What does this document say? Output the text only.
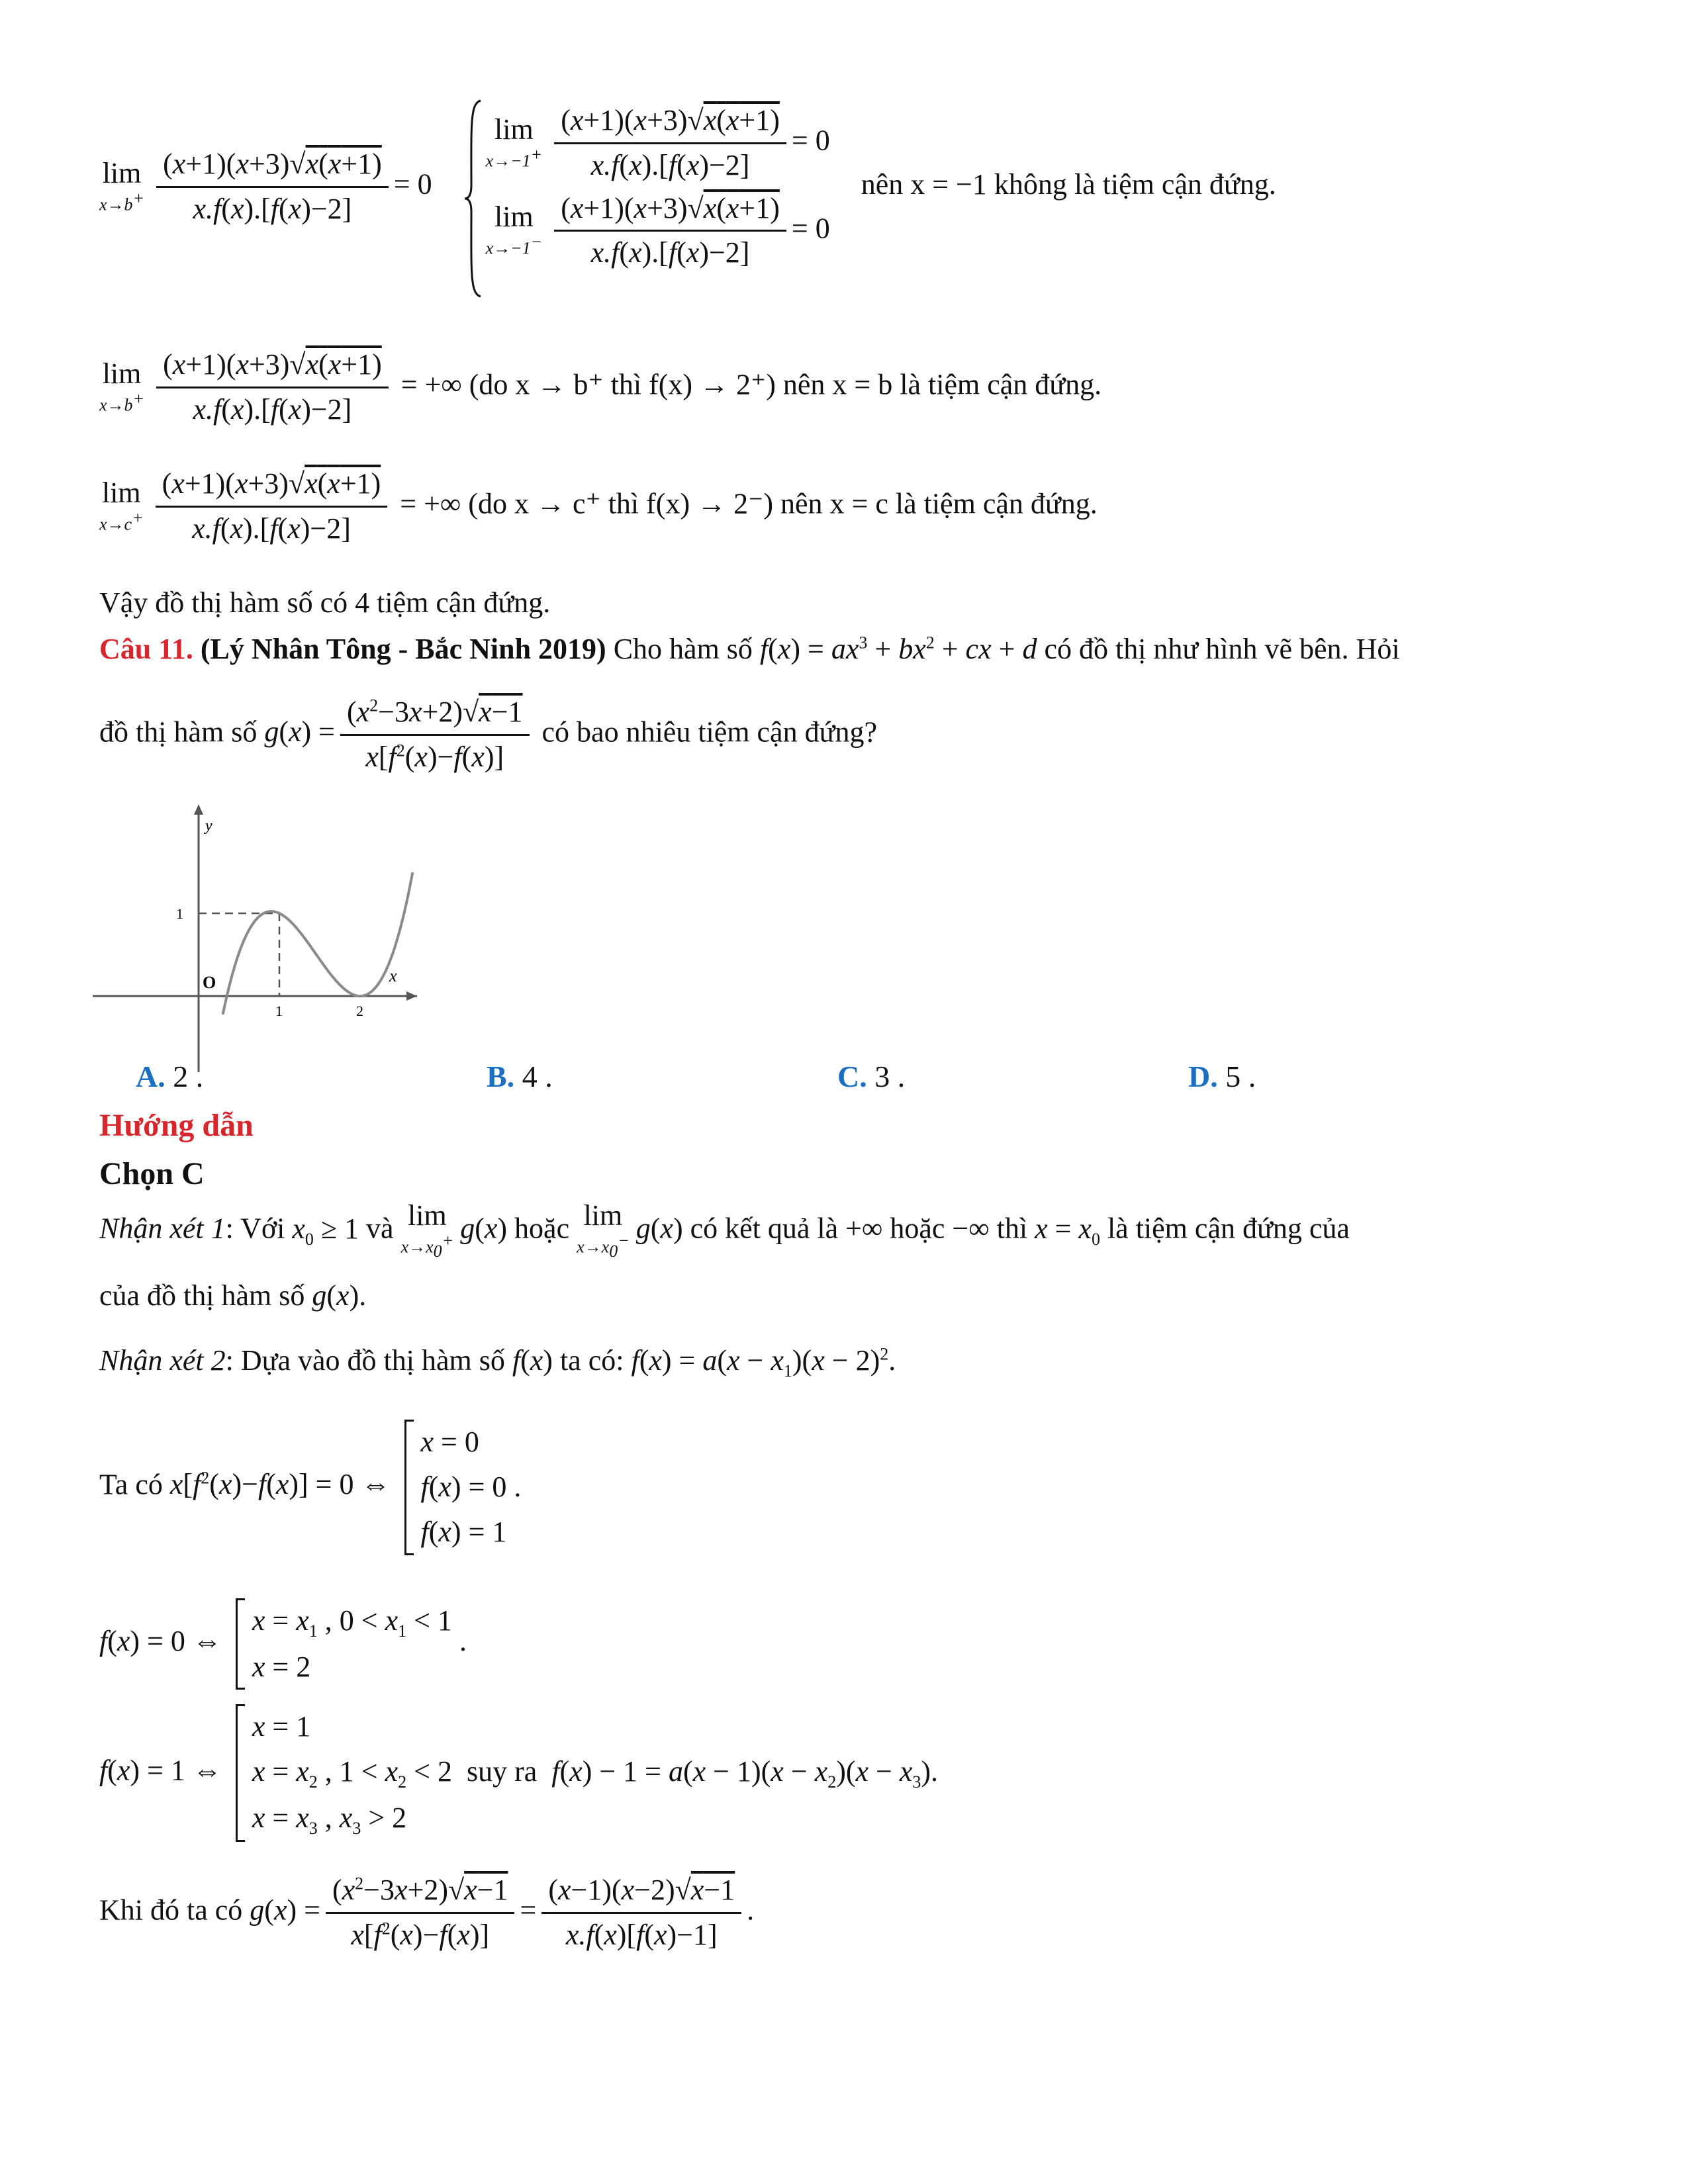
lim
$x\to b^+ \frac{(x+1)(x+3)√x(x+1)}{x.f(x).[f(x)-2]} = 0$
lim
$x\to-1^+ \frac{(x+1)(x+3)√x(x+1)}{x.f(x).[f(x)-2]} = 0$
lim
$x\to-1^- \frac{(x+1)(x+3)√x(x+1)}{x.f(x).[f(x)-2]} = 0$
nên x = −1 không là tiệm cận đứng.
lim
$x\to b^+ \frac{(x+1)(x+3)√x(x+1)}{x.f(x).[f(x)-2]}$ = +∞ (do x → b⁺ thì f(x) → 2⁺) nên x = b là tiệm cận đứng.
lim
$x\to c^+ \frac{(x+1)(x+3)√x(x+1)}{x.f(x).[f(x)-2]}$ = +∞ (do x → c⁺ thì f(x) → 2⁻) nên x = c là tiệm cận đứng.
Vậy đồ thị hàm số có 4 tiệm cận đứng.
Câu 11. (Lý Nhân Tông - Bắc Ninh 2019) Cho hàm số $f(x) = ax^3 + bx^2$ + cx + d có đồ thị như hình vẽ bên. Hỏi
đồ thị hàm số $g(x) = \frac{(x^2-3x+2)√x-1}{x[f^2(x)-f(x)]}$ có bao nhiêu tiệm cận đứng?
y
x
O
1
1	2
A. 2 .	B. 4 .	C. 3 .	D. 5 .
Hướng dẫn
Chọn C
Nhận xét 1: Với $x_0 \ge 1$ và lim
$x\to x_0^+$ g(x) hoặc lim
$x\to x_0^-$ g(x) có kết quả là +∞ hoặc −∞ thì $x = x_0$ là tiệm cận đứng của
của đồ thị hàm số g(x).
Nhận xét 2: Dựa vào đồ thị hàm số f(x) ta có: $f(x) = a(x - x_1)(x - 2)^2$.
Ta có $x[f^2(x)-f(x)] = 0$ ⇔
x = 0
f(x) = 0 .
f(x) = 1
f(x) = 0 ⇔
$x = x_1$ , $0 < x_1 < 1$
x = 2
.
f(x) = 1 ⇔
x = 1
$x = x_2$ , $1 < x_2 < 2$  suy ra $f(x) - 1 = a(x - 1)(x - x_2)(x - x_3)$.
$x = x_3$ , $x_3 > 2$
Khi đó ta có $g(x) = \frac{(x^2-3x+2)√x-1}{x[f^2(x)-f(x)]} = \frac{(x-1)(x-2)√x-1}{x.f(x)[f(x)-1]}$ .
